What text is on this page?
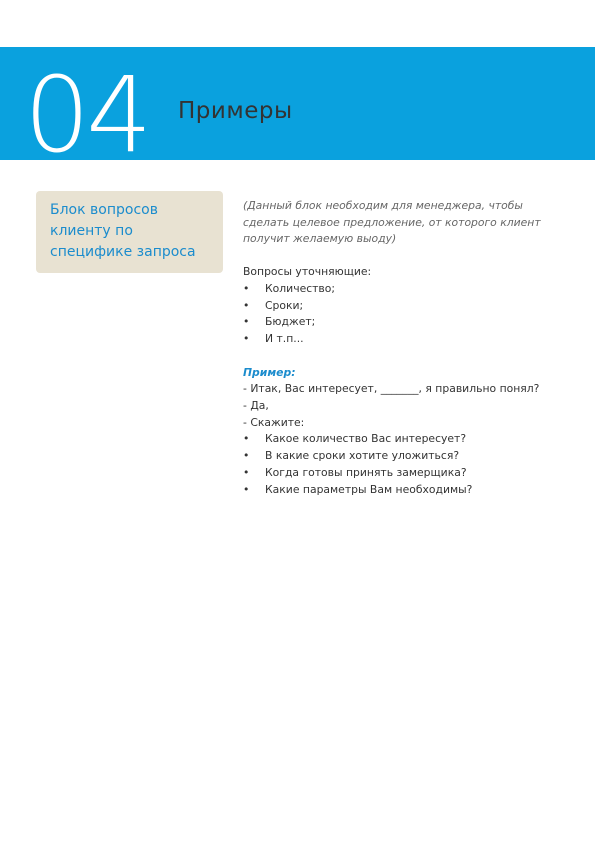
04 Примеры
Блок вопросов
клиенту по
специфике запроса
(Данный блок необходим для менеджера, чтобы
сделать целевое предложение, от которого клиент
получит желаемую выоду)

Вопросы уточняющие:

• Количество;
• Сроки;
• Бюджет;
• И т.п...

Пример:

- Итак, Вас интересует, _______, я правильно понял?

- Да,

- Скажите:

• Какое количество Вас интересует?
• В какие сроки хотите уложиться?
• Когда готовы принять замерщика?
• Какие параметры Вам необходимы?
